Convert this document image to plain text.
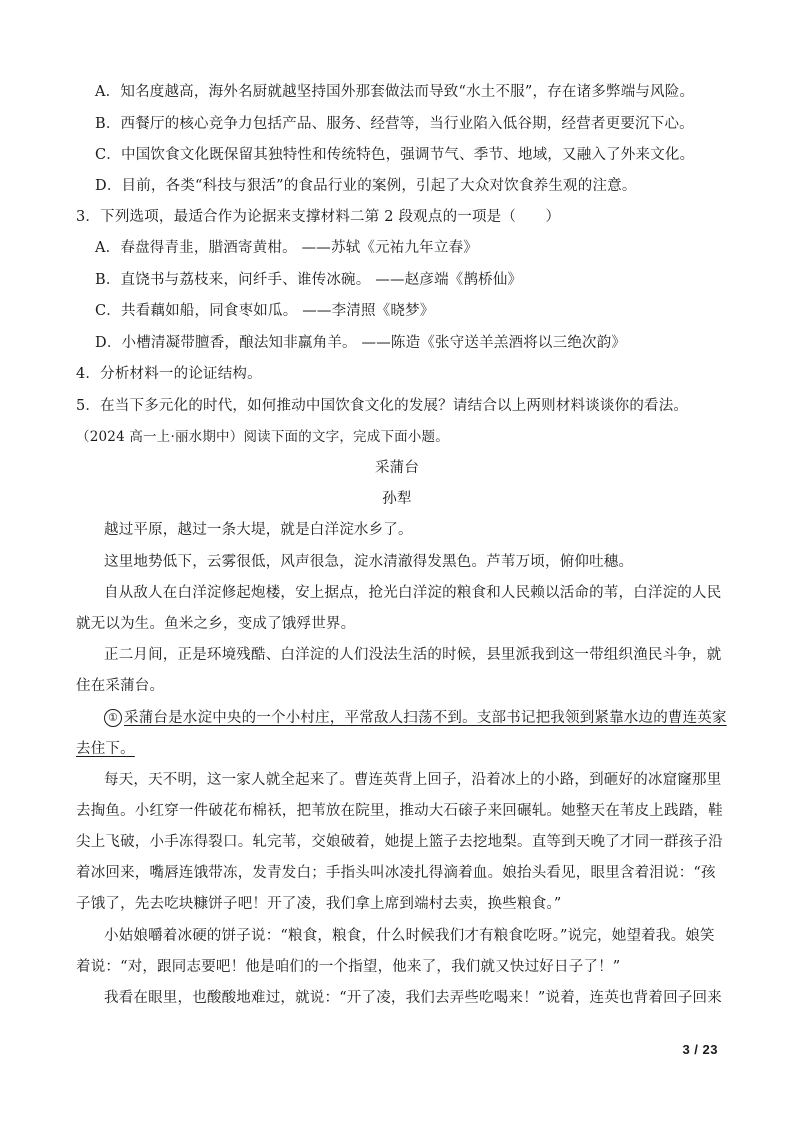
A．知名度越高，海外名厨就越坚持国外那套做法而导致“水土不服”，存在诸多弊端与风险。
B．西餐厅的核心竞争力包括产品、服务、经营等，当行业陷入低谷期，经营者更要沉下心。
C．中国饮食文化既保留其独特性和传统特色，强调节气、季节、地域，又融入了外来文化。
D．目前，各类“科技与狠活”的食品行业的案例，引起了大众对饮食养生观的注意。
3．下列选项，最适合作为论据来支撑材料二第 2 段观点的一项是（　　）
A．春盘得青韭，腊酒寄黄柑。 ——苏轼《元祐九年立春》
B．直饶书与荔枝来，问纤手、谁传冰碗。 ——赵彦端《鹊桥仙》
C．共看藕如船，同食枣如瓜。 ——李清照《晓梦》
D．小槽清凝带膻香，酿法知非羸角羊。 ——陈造《张守送羊羔酒将以三绝次韵》
4．分析材料一的论证结构。
5．在当下多元化的时代，如何推动中国饮食文化的发展？请结合以上两则材料谈谈你的看法。
（2024 高一上·丽水期中）阅读下面的文字，完成下面小题。
采蒲台
孙犁
越过平原，越过一条大堤，就是白洋淀水乡了。
这里地势低下，云雾很低，风声很急，淀水清澈得发黑色。芦苇万顷，俯仰吐穗。
自从敌人在白洋淀修起炮楼，安上据点，抢光白洋淀的粮食和人民赖以活命的苇，白洋淀的人民
就无以为生。鱼米之乡，变成了饿殍世界。
正二月间，正是环境残酷、白洋淀的人们没法生活的时候，县里派我到这一带组织渔民斗争，就
住在采蒲台。
① 采蒲台是水淀中央的一个小村庄，平常敌人扫荡不到。支部书记把我领到紧靠水边的曹连英家
去住下。
每天，天不明，这一家人就全起来了。曹连英背上回子，沿着冰上的小路，到砸好的冰窟窿那里
去掏鱼。小红穿一件破花布棉袄，把苇放在院里，推动大石磙子来回碾轧。她整天在苇皮上践踏，鞋
尖上飞破，小手冻得裂口。轧完苇，交娘破着，她提上篮子去挖地梨。直等到天晚了才同一群孩子沿
着冰回来，嘴唇连饿带冻，发青发白；手指头叫冰凌扎得滴着血。娘抬头看见，眼里含着泪说：“孩
子饿了，先去吃块糠饼子吧！开了凌，我们拿上席到端村去卖，换些粮食。”
小姑娘嚼着冰硬的饼子说：“粮食，粮食，什么时候我们才有粮食吃呀。”说完，她望着我。娘笑
着说：“对，跟同志要吧！他是咱们的一个指望，他来了，我们就又快过好日子了！”
我看在眼里，也酸酸地难过，就说：“开了凌，我们去弄些吃喝来！”说着，连英也背着回子回来
3 / 23
